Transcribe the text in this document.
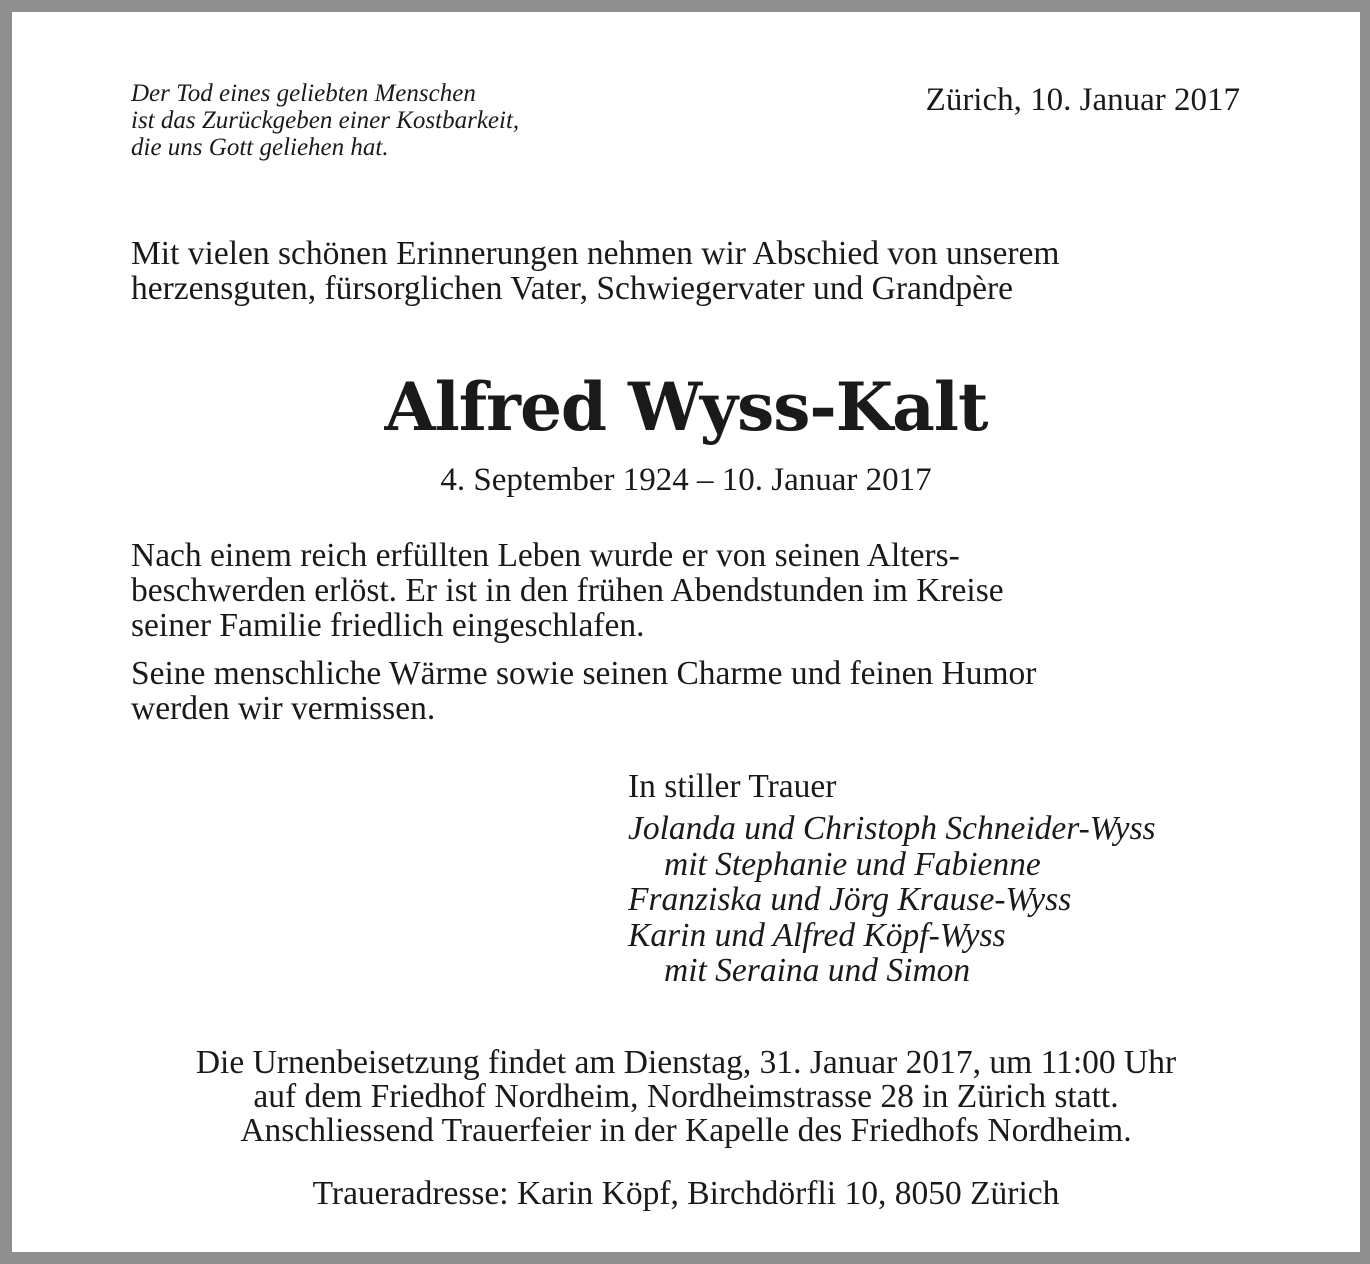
Der Tod eines geliebten Menschen
ist das Zurückgeben einer Kostbarkeit,
die uns Gott geliehen hat.
Zürich, 10. Januar 2017
Mit vielen schönen Erinnerungen nehmen wir Abschied von unserem
herzensguten, fürsorglichen Vater, Schwiegervater und Grandpère
Alfred Wyss-Kalt
4. September 1924 – 10. Januar 2017
Nach einem reich erfüllten Leben wurde er von seinen Alters-
beschwerden erlöst. Er ist in den frühen Abendstunden im Kreise
seiner Familie friedlich eingeschlafen.
Seine menschliche Wärme sowie seinen Charme und feinen Humor
werden wir vermissen.
In stiller Trauer
Jolanda und Christoph Schneider-Wyss
mit Stephanie und Fabienne
Franziska und Jörg Krause-Wyss
Karin und Alfred Köpf-Wyss
mit Seraina und Simon
Die Urnenbeisetzung findet am Dienstag, 31. Januar 2017, um 11:00 Uhr
auf dem Friedhof Nordheim, Nordheimstrasse 28 in Zürich statt.
Anschliessend Trauerfeier in der Kapelle des Friedhofs Nordheim.
Traueradresse: Karin Köpf, Birchdörfli 10, 8050 Zürich
